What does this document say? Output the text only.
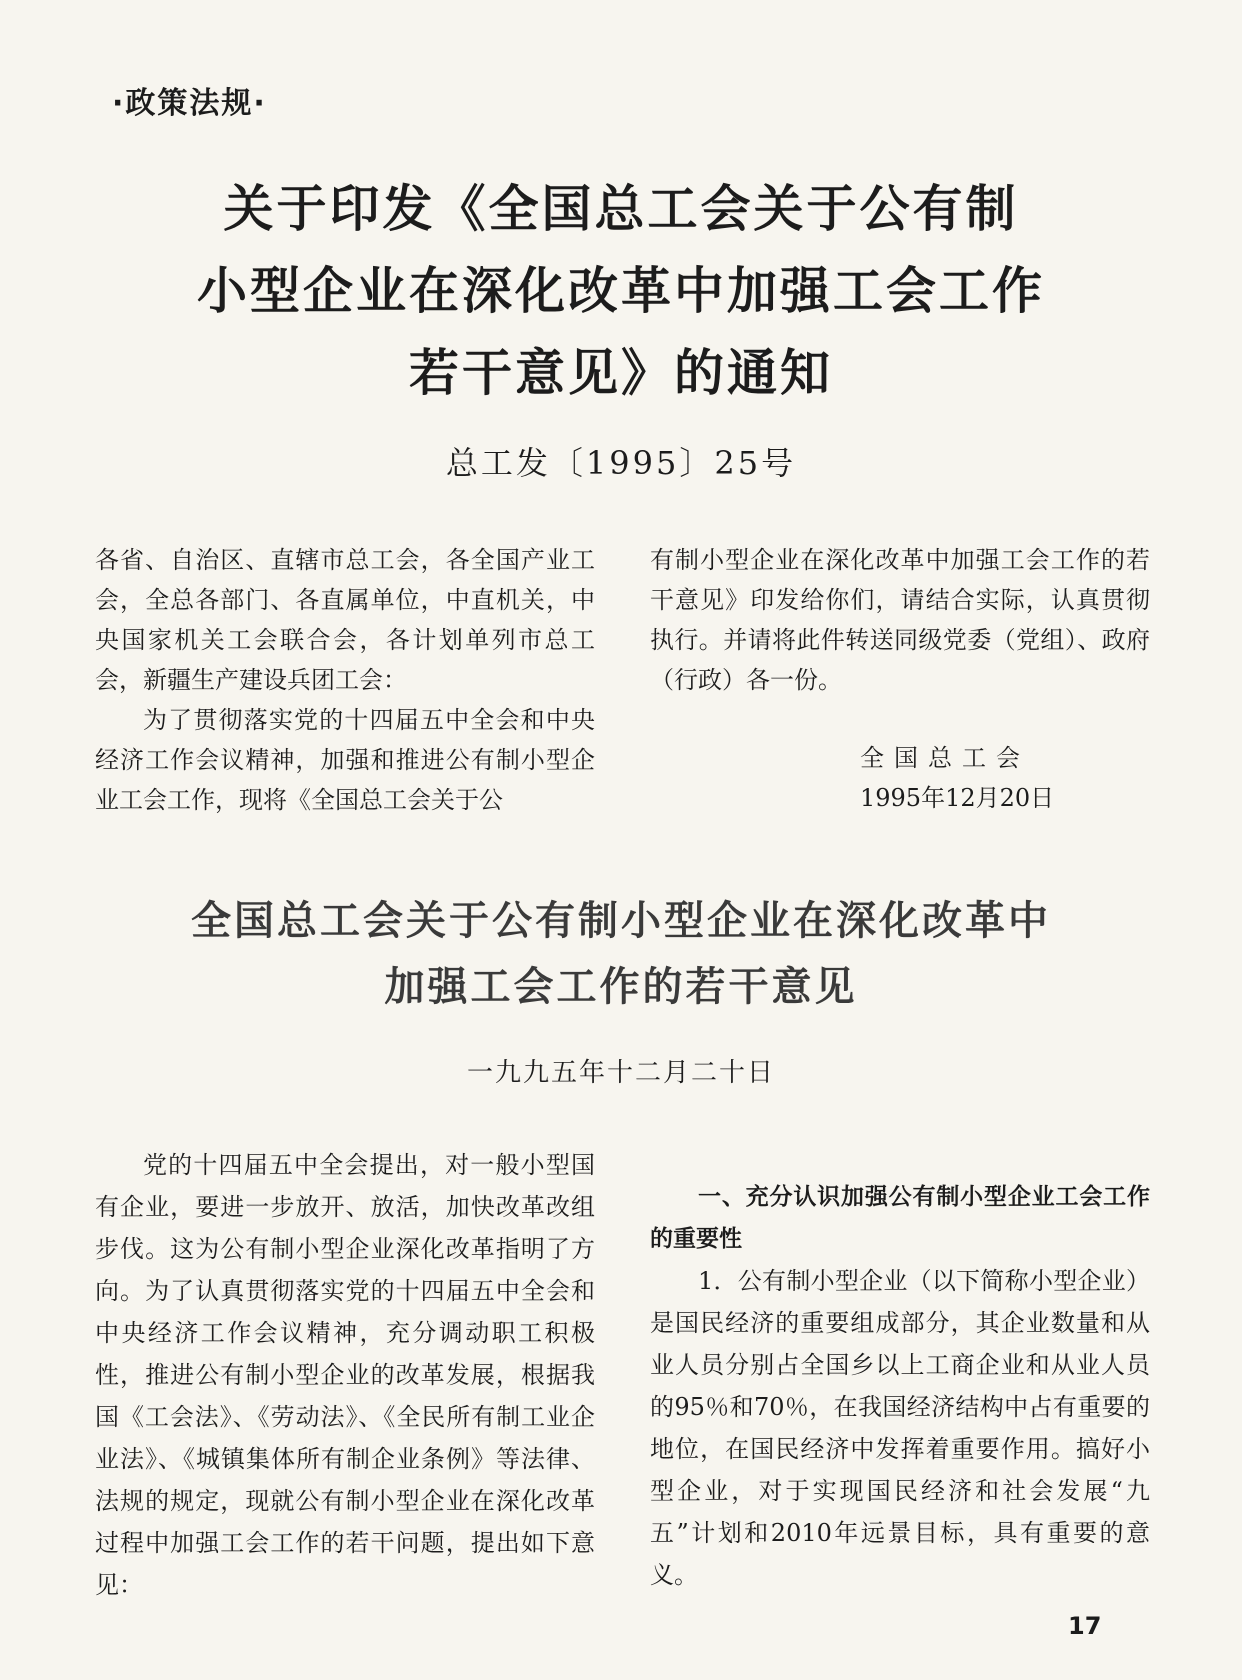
·政策法规·
关于印发《全国总工会关于公有制
小型企业在深化改革中加强工会工作
若干意见》的通知
总工发〔1995〕25号

各省、自治区、直辖市总工会，各全国产业工会，全总各部门、各直属单位，中直机关，中央国家机关工会联合会，各计划单列市总工会，新疆生产建设兵团工会：

为了贯彻落实党的十四届五中全会和中央经济工作会议精神，加强和推进公有制小型企业工会工作，现将《全国总工会关于公

有制小型企业在深化改革中加强工会工作的若干意见》印发给你们，请结合实际，认真贯彻执行。并请将此件转送同级党委（党组）、政府（行政）各一份。

全国总工会
1995年12月20日
全国总工会关于公有制小型企业在深化改革中
加强工会工作的若干意见
一九九五年十二月二十日

党的十四届五中全会提出，对一般小型国有企业，要进一步放开、放活，加快改革改组步伐。这为公有制小型企业深化改革指明了方向。为了认真贯彻落实党的十四届五中全会和中央经济工作会议精神，充分调动职工积极性，推进公有制小型企业的改革发展，根据我国《工会法》、《劳动法》、《全民所有制工业企业法》、《城镇集体所有制企业条例》等法律、法规的规定，现就公有制小型企业在深化改革过程中加强工会工作的若干问题，提出如下意见：

一、充分认识加强公有制小型企业工会工作的重要性

1．公有制小型企业（以下简称小型企业）是国民经济的重要组成部分，其企业数量和从业人员分别占全国乡以上工商企业和从业人员的95％和70％，在我国经济结构中占有重要的地位，在国民经济中发挥着重要作用。搞好小型企业，对于实现国民经济和社会发展“九五”计划和2010年远景目标，具有重要的意义。

17
